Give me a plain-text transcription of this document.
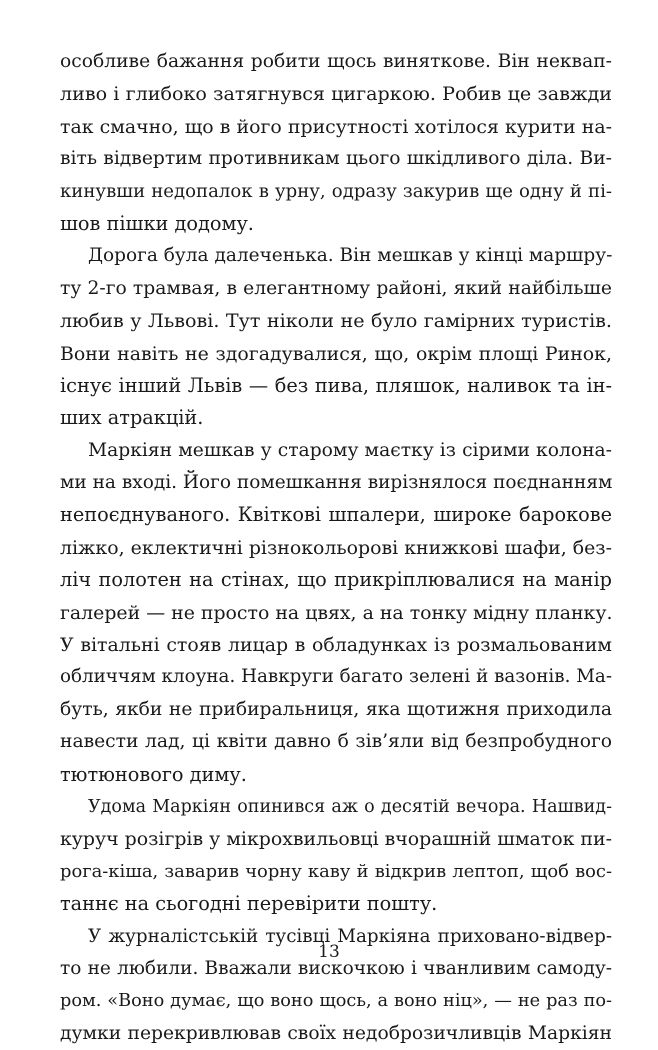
особливе бажання робити щось виняткове. Він неквап-
ливо і глибоко затягнувся цигаркою. Робив це завжди
так смачно, що в його присутності хотілося курити на-
віть відвертим противникам цього шкідливого діла. Ви-
кинувши недопалок в урну, одразу закурив ще одну й пі-
шов пішки додому.
Дорога була далеченька. Він мешкав у кінці маршру-
ту 2-го трамвая, в елегантному районі, який найбільше
любив у Львові. Тут ніколи не було гамірних туристів.
Вони навіть не здогадувалися, що, окрім площі Ринок,
існує інший Львів — без пива, пляшок, наливок та ін-
ших атракцій.
Маркіян мешкав у старому маєтку із сірими колона-
ми на вході. Його помешкання вирізнялося поєднанням
непоєднуваного. Квіткові шпалери, широке барокове
ліжко, еклектичні різнокольорові книжкові шафи, без-
ліч полотен на стінах, що прикріплювалися на манір
галерей — не просто на цвях, а на тонку мідну планку.
У вітальні стояв лицар в обладунках із розмальованим
обличчям клоуна. Навкруги багато зелені й вазонів. Ма-
буть, якби не прибиральниця, яка щотижня приходила
навести лад, ці квіти давно б зів’яли від безпробудного
тютюнового диму.
Удома Маркіян опинився аж о десятій вечора. Нашвид-
куруч розігрів у мікрохвильовці вчорашній шматок пи-
рога-кіша, заварив чорну каву й відкрив лептоп, щоб вос-
таннє на сьогодні перевірити пошту.
У журналістській тусівці Маркіяна приховано-відвер-
то не любили. Вважали вискочкою і чванливим самоду-
ром. «Воно думає, що воно щось, а воно ніц», — не раз по-
думки перекривлював своїх недоброзичливців Маркіян
13
